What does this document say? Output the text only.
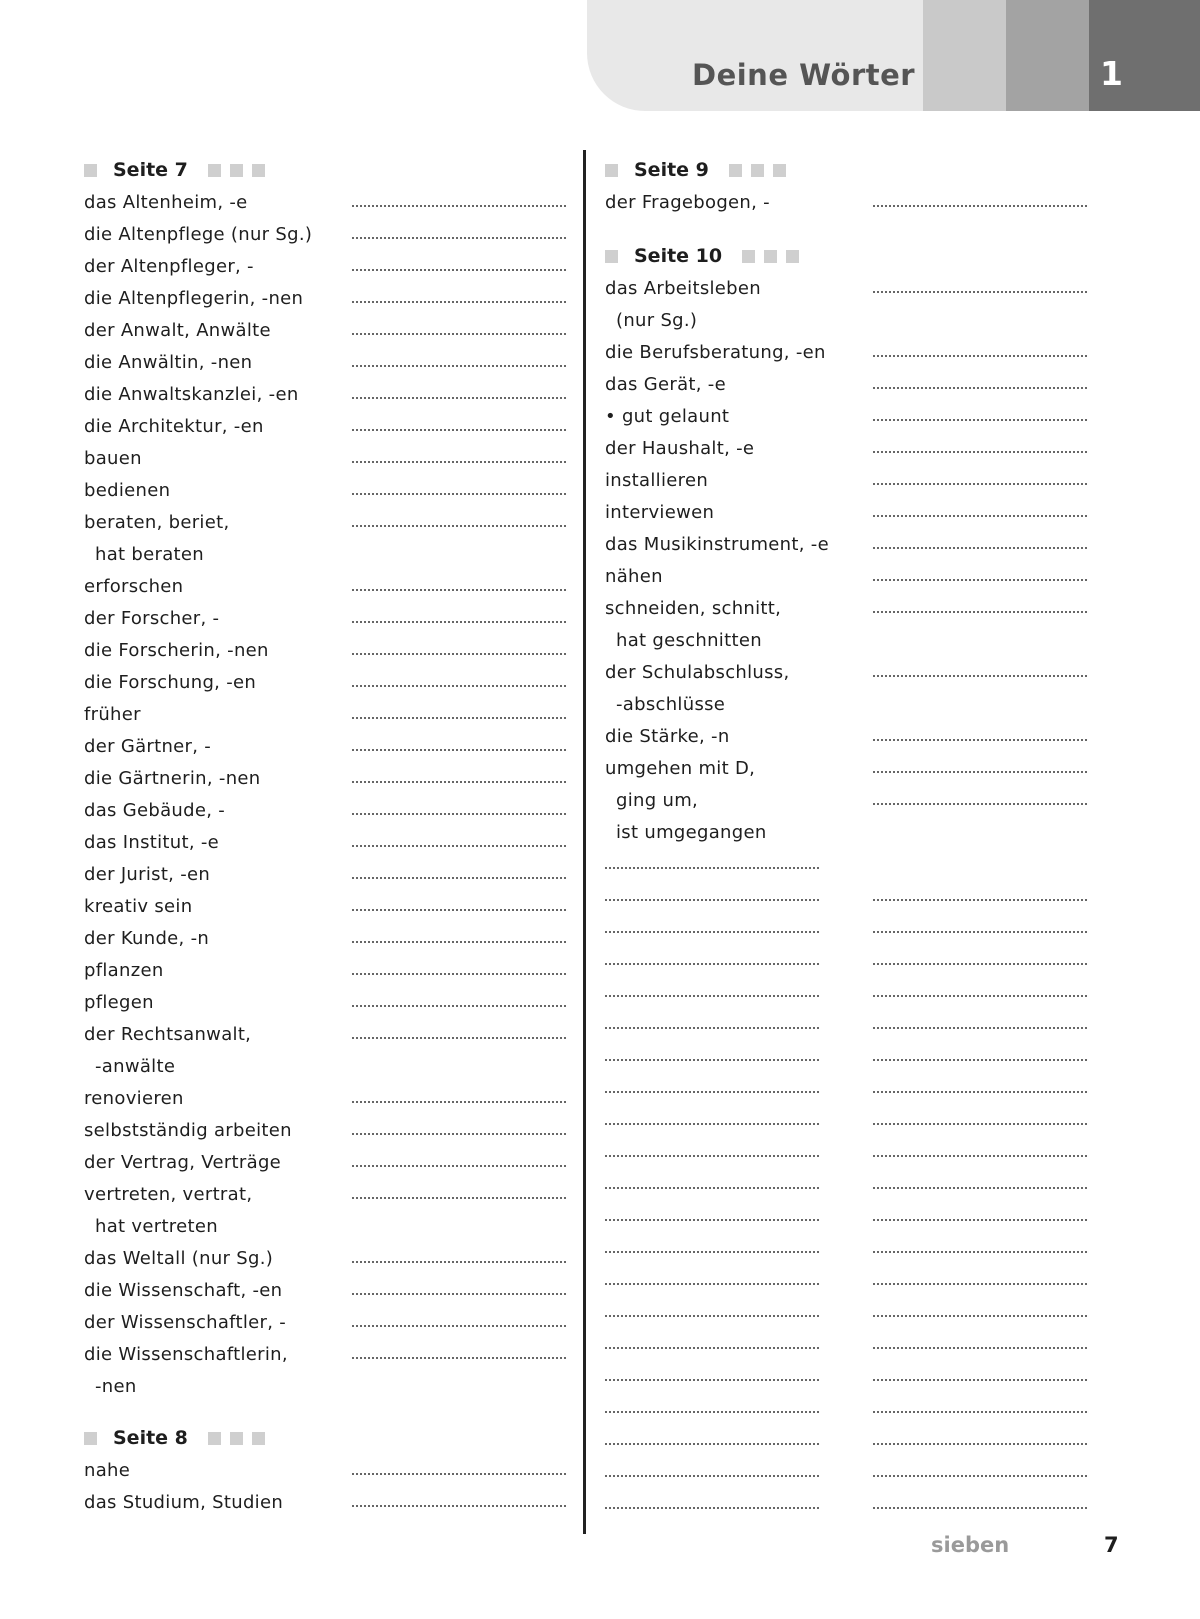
Deine Wörter	1
Seite 7
das Altenheim, -e
die Altenpflege (nur Sg.)
der Altenpfleger, -
die Altenpflegerin, -nen
der Anwalt, Anwälte
die Anwältin, -nen
die Anwaltskanzlei, -en
die Architektur, -en
bauen
bedienen
beraten, beriet,
hat beraten
erforschen
der Forscher, -
die Forscherin, -nen
die Forschung, -en
früher
der Gärtner, -
die Gärtnerin, -nen
das Gebäude, -
das Institut, -e
der Jurist, -en
kreativ sein
der Kunde, -n
pflanzen
pflegen
der Rechtsanwalt,
-anwälte
renovieren
selbstständig arbeiten
der Vertrag, Verträge
vertreten, vertrat,
hat vertreten
das Weltall (nur Sg.)
die Wissenschaft, -en
der Wissenschaftler, -
die Wissenschaftlerin,
-nen
Seite 8
nahe
das Studium, Studien
Seite 9
der Fragebogen, -
Seite 10
das Arbeitsleben
(nur Sg.)
die Berufsberatung, -en
das Gerät, -e
• gut gelaunt
der Haushalt, -e
installieren
interviewen
das Musikinstrument, -e
nähen
schneiden, schnitt,
hat geschnitten
der Schulabschluss,
-abschlüsse
die Stärke, -n
umgehen mit D,
ging um,
ist umgegangen
sieben	7
